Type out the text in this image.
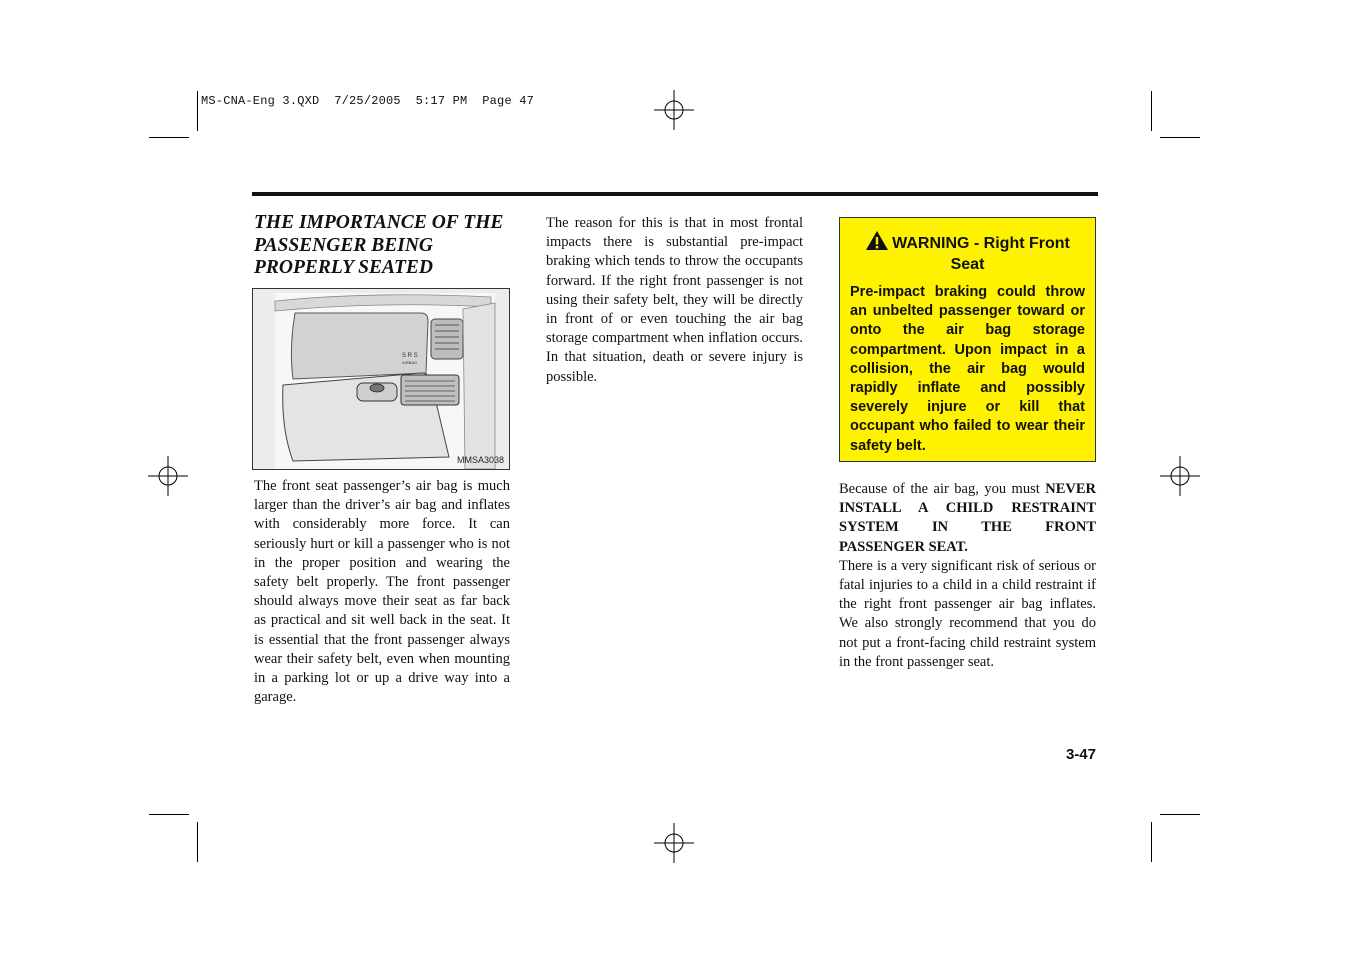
MS-CNA-Eng 3.QXD  7/25/2005  5:17 PM  Page 47
THE IMPORTANCE OF THE PASSENGER BEING PROPERLY SEATED
S R S
AIRBAG
MMSA3038

The front seat passenger’s air bag is much larger than the driver’s air bag and inflates with considerably more force. It can seriously hurt or kill a passenger who is not in the proper position and wearing the safety belt properly. The front passenger should always move their seat as far back as practical and sit well back in the seat. It is essential that the front passenger always wear their safety belt, even when mounting in a parking lot or up a drive way into a garage.

The reason for this is that in most frontal impacts there is substantial pre-impact braking which tends to throw the occupants forward. If the right front passenger is not using their safety belt, they will be directly in front of or even touching the air bag storage compartment when inflation occurs. In that situation, death or severe injury is possible.

WARNING - Right Front Seat

Pre-impact braking could throw an unbelted passenger toward or onto the air bag storage compartment. Upon impact in a collision, the air bag would rapidly inflate and possibly severely injure or kill that occupant who failed to wear their safety belt.

Because of the air bag, you must NEVER INSTALL A CHILD RESTRAINT SYSTEM IN THE FRONT PASSENGER SEAT.

There is a very significant risk of serious or fatal injuries to a child in a child restraint if the right front passenger air bag inflates. We also strongly recommend that you do not put a front-facing child restraint system in the front passenger seat.

3-47
